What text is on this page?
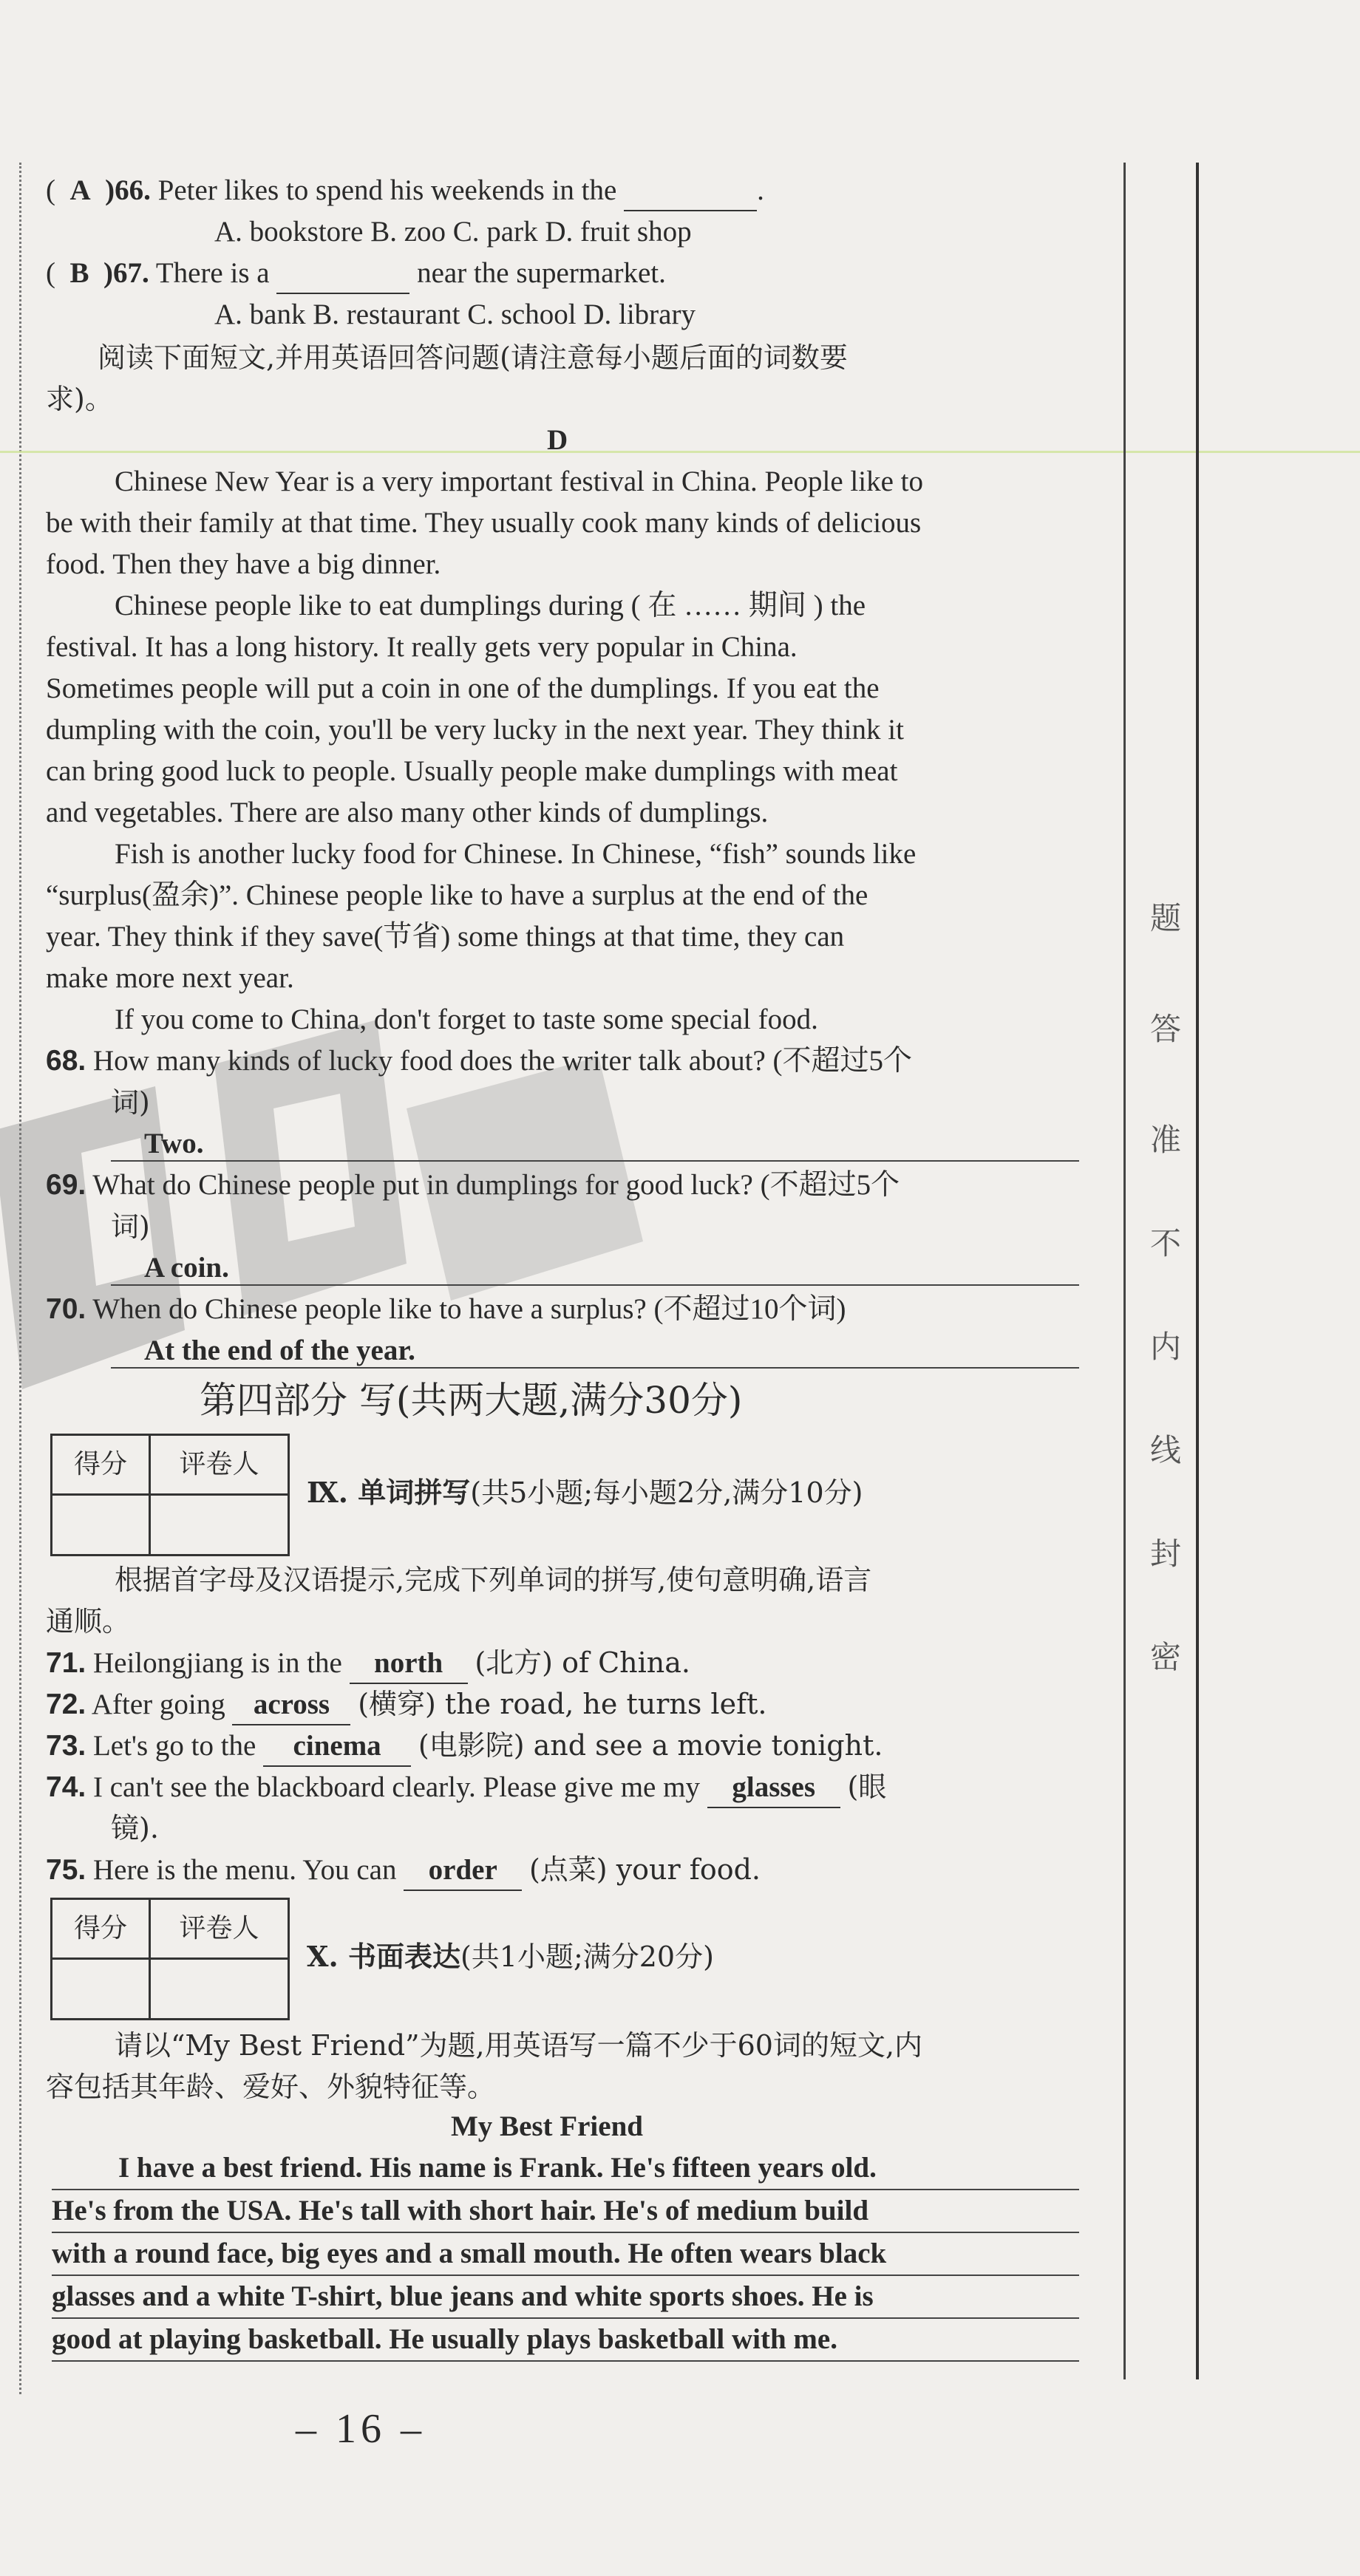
题
答
准
不
内
线
封
密
(  A )66. Peter likes to spend his weekends in the	.
A. bookstore B. zoo C. park D. fruit shop
(  B )67. There is a	near the supermarket.
A. bank B. restaurant C. school D. library
阅读下面短文,并用英语回答问题(请注意每小题后面的词数要
求)。
D
Chinese New Year is a very important festival in China. People like to
be with their family at that time. They usually cook many kinds of delicious
food. Then they have a big dinner.
Chinese people like to eat dumplings during ( 在 …… 期间 ) the
festival. It has a long history. It really gets very popular in China.
Sometimes people will put a coin in one of the dumplings. If you eat the
dumpling with the coin, you'll be very lucky in the next year. They think it
can bring good luck to people. Usually people make dumplings with meat
and vegetables. There are also many other kinds of dumplings.
Fish is another lucky food for Chinese. In Chinese, “fish” sounds like
“surplus(盈余)”. Chinese people like to have a surplus at the end of the
year. They think if they save(节省) some things at that time, they can
make more next year.
If you come to China, don't forget to taste some special food.
68. How many kinds of lucky food does the writer talk about? (不超过5个
词)
Two.
69. What do Chinese people put in dumplings for good luck? (不超过5个
词)
A coin.
70. When do Chinese people like to have a surplus? (不超过10个词)
At the end of the year.
第四部分 写(共两大题,满分30分)
得分	评卷人
Ⅸ. 单词拼写(共5小题;每小题2分,满分10分)
根据首字母及汉语提示,完成下列单词的拼写,使句意明确,语言
通顺。
71. Heilongjiang is in the north (北方) of China.
72. After going across (横穿) the road, he turns left.
73. Let's go to the cinema (电影院) and see a movie tonight.
74. I can't see the blackboard clearly. Please give me my glasses (眼
镜).
75. Here is the menu. You can order (点菜) your food.
得分	评卷人
Ⅹ. 书面表达(共1小题;满分20分)
请以“My Best Friend”为题,用英语写一篇不少于60词的短文,内
容包括其年龄、爱好、外貌特征等。
My Best Friend
I have a best friend. His name is Frank. He's fifteen years old.
He's from the USA. He's tall with short hair. He's of medium build
with a round face, big eyes and a small mouth. He often wears black
glasses and a white T-shirt, blue jeans and white sports shoes. He is
good at playing basketball. He usually plays basketball with me.
– 16 –
